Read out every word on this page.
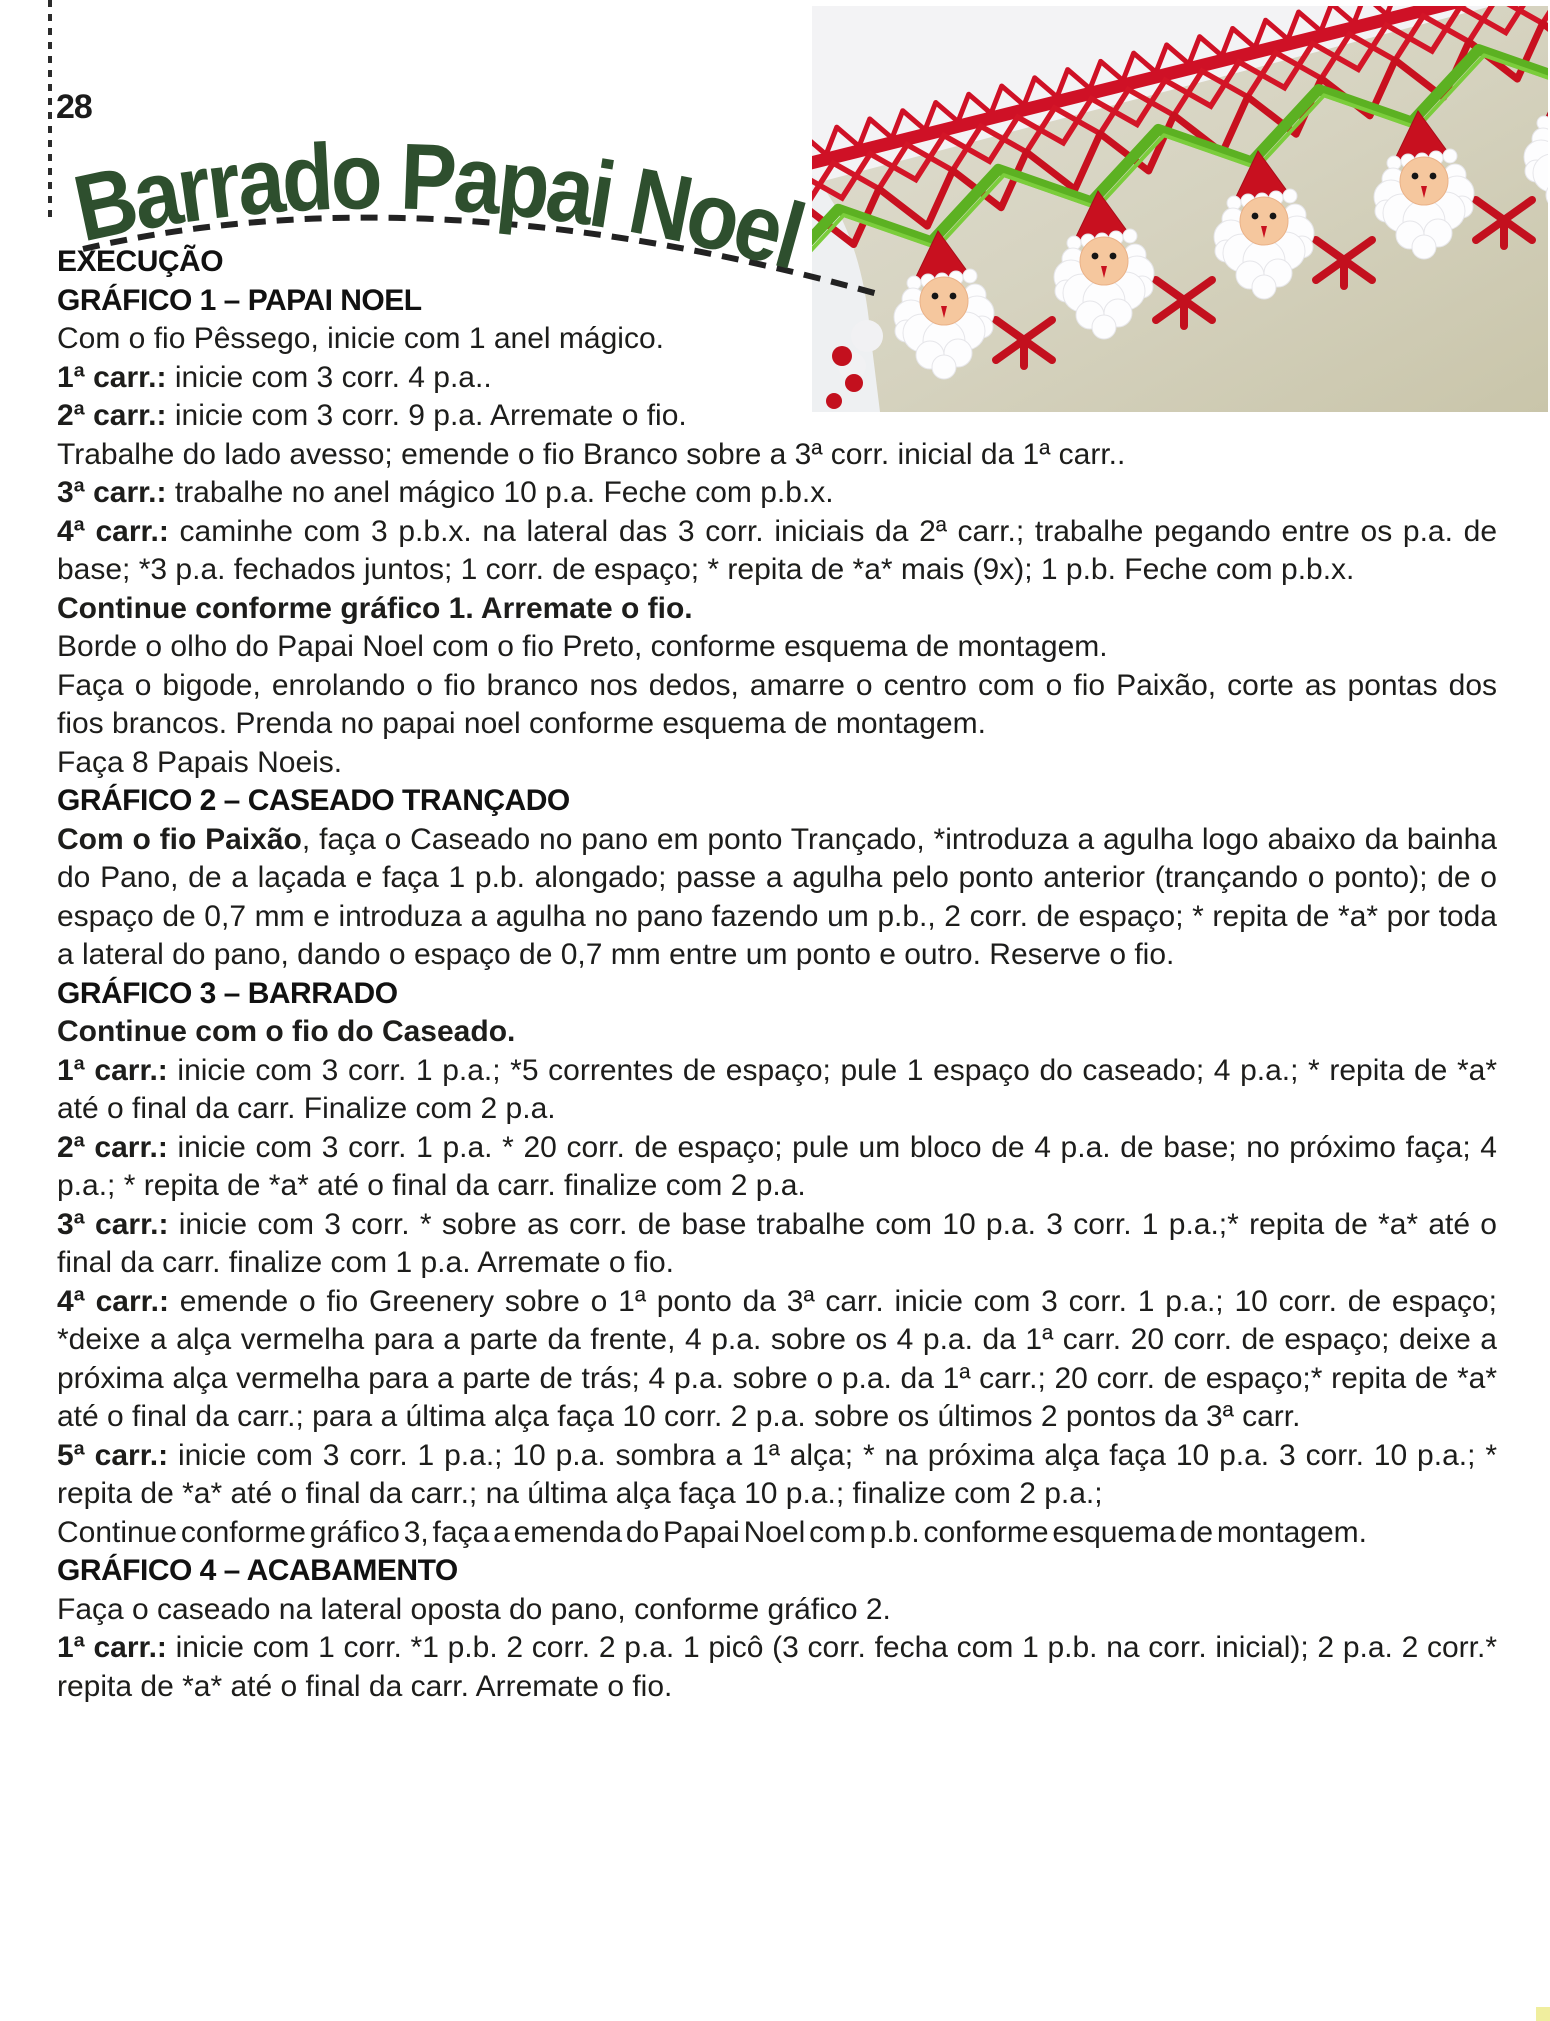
28
Barrado Papai Noel
EXECUÇÃO
GRÁFICO 1 – PAPAI NOEL

Com o fio Pêssego, inicie com 1 anel mágico.

1ª carr.: inicie com 3 corr. 4 p.a..

2ª carr.: inicie com 3 corr. 9 p.a. Arremate o fio.

Trabalhe do lado avesso; emende o fio Branco sobre a 3ª corr. inicial da 1ª carr..

3ª carr.: trabalhe no anel mágico 10 p.a. Feche com p.b.x.

4ª carr.: caminhe com 3 p.b.x. na lateral das 3 corr. iniciais da 2ª carr.; trabalhe pegando entre os p.a. de base; *3 p.a. fechados juntos; 1 corr. de espaço; * repita de *a* mais (9x); 1 p.b. Feche com p.b.x.

Continue conforme gráfico 1. Arremate o fio.

Borde o olho do Papai Noel com o fio Preto, conforme esquema de montagem.

Faça o bigode, enrolando o fio branco nos dedos, amarre o centro com o fio Paixão, corte as pontas dos fios brancos. Prenda no papai noel conforme esquema de montagem.

Faça 8 Papais Noeis.

GRÁFICO 2 – CASEADO TRANÇADO

Com o fio Paixão, faça o Caseado no pano em ponto Trançado, *introduza a agulha logo abaixo da bainha do Pano, de a laçada e faça 1 p.b. alongado; passe a agulha pelo ponto anterior (trançando o ponto); de o espaço de 0,7 mm e introduza a agulha no pano fazendo um p.b., 2 corr. de espaço; * repita de *a* por toda a lateral do pano, dando o espaço de 0,7 mm entre um ponto e outro. Reserve o fio.

GRÁFICO 3 – BARRADO

Continue com o fio do Caseado.

1ª carr.: inicie com 3 corr. 1 p.a.; *5 correntes de espaço; pule 1 espaço do caseado; 4 p.a.; * repita de *a* até o final da carr. Finalize com 2 p.a.

2ª carr.: inicie com 3 corr. 1 p.a. * 20 corr. de espaço; pule um bloco de 4 p.a. de base; no próximo faça; 4 p.a.; * repita de *a* até o final da carr. finalize com 2 p.a.

3ª carr.: inicie com 3 corr. * sobre as corr. de base trabalhe com 10 p.a. 3 corr. 1 p.a.;* repita de *a* até o final da carr. finalize com 1 p.a. Arremate o fio.

4ª carr.: emende o fio Greenery sobre o 1ª ponto da 3ª carr. inicie com 3 corr. 1 p.a.; 10 corr. de espaço; *deixe a alça vermelha para a parte da frente, 4 p.a. sobre os 4 p.a. da 1ª carr. 20 corr. de espaço; deixe a próxima alça vermelha para a parte de trás; 4 p.a. sobre o p.a. da 1ª carr.; 20 corr. de espaço;* repita de *a* até o final da carr.; para a última alça faça 10 corr. 2 p.a. sobre os últimos 2 pontos da 3ª carr.

5ª carr.: inicie com 3 corr. 1 p.a.; 10 p.a. sombra a 1ª alça; * na próxima alça faça 10 p.a. 3 corr. 10 p.a.; * repita de *a* até o final da carr.; na última alça faça 10 p.a.; finalize com 2 p.a.;

Continue conforme gráfico 3, faça a emenda do Papai Noel com p.b. conforme esquema de montagem.

GRÁFICO 4 – ACABAMENTO

Faça o caseado na lateral oposta do pano, conforme gráfico 2.

1ª carr.: inicie com 1 corr. *1 p.b. 2 corr. 2 p.a. 1 picô (3 corr. fecha com 1 p.b. na corr. inicial); 2 p.a. 2 corr.* repita de *a* até o final da carr. Arremate o fio.
